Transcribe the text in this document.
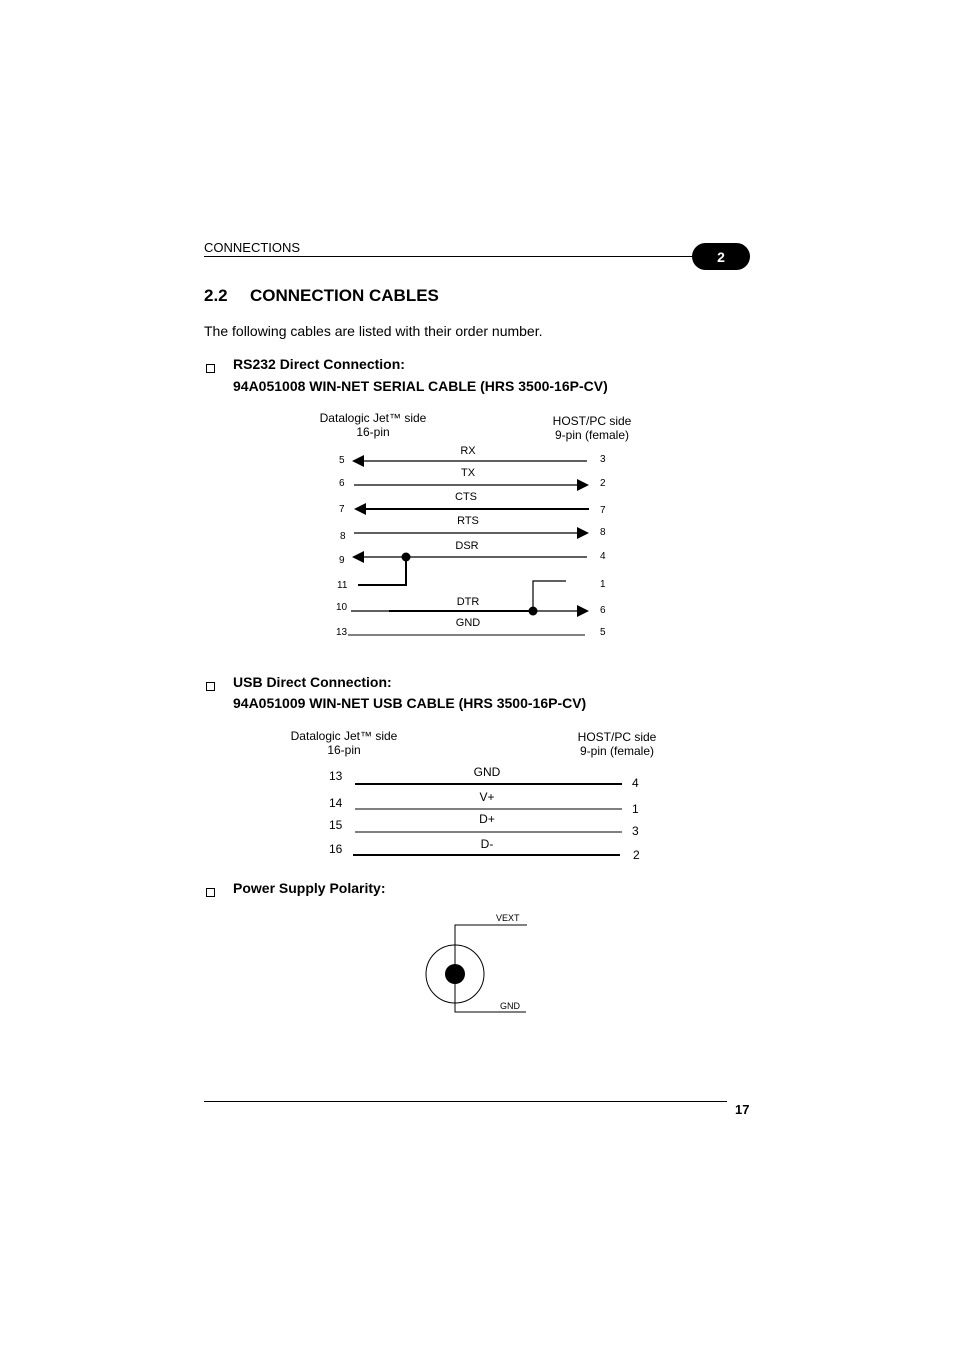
CONNECTIONS
2
2.2 CONNECTION CABLES
The following cables are listed with their order number.
RS232 Direct Connection:
94A051008 WIN-NET SERIAL CABLE (HRS 3500-16P-CV)
Datalogic Jet™ side
16-pin
HOST/PC side
9-pin (female)
RX
TX
CTS
RTS
DSR
DTR
GND
5
6
7
8
9
11
10
13
3
2
7
8
4
1
6
5
USB Direct Connection:
94A051009 WIN-NET USB CABLE (HRS 3500-16P-CV)
Datalogic Jet™ side
16-pin
HOST/PC side
9-pin (female)
GND
V+
D+
D-
13
14
15
16
4
1
3
2
Power Supply Polarity:
VEXT
GND
17
